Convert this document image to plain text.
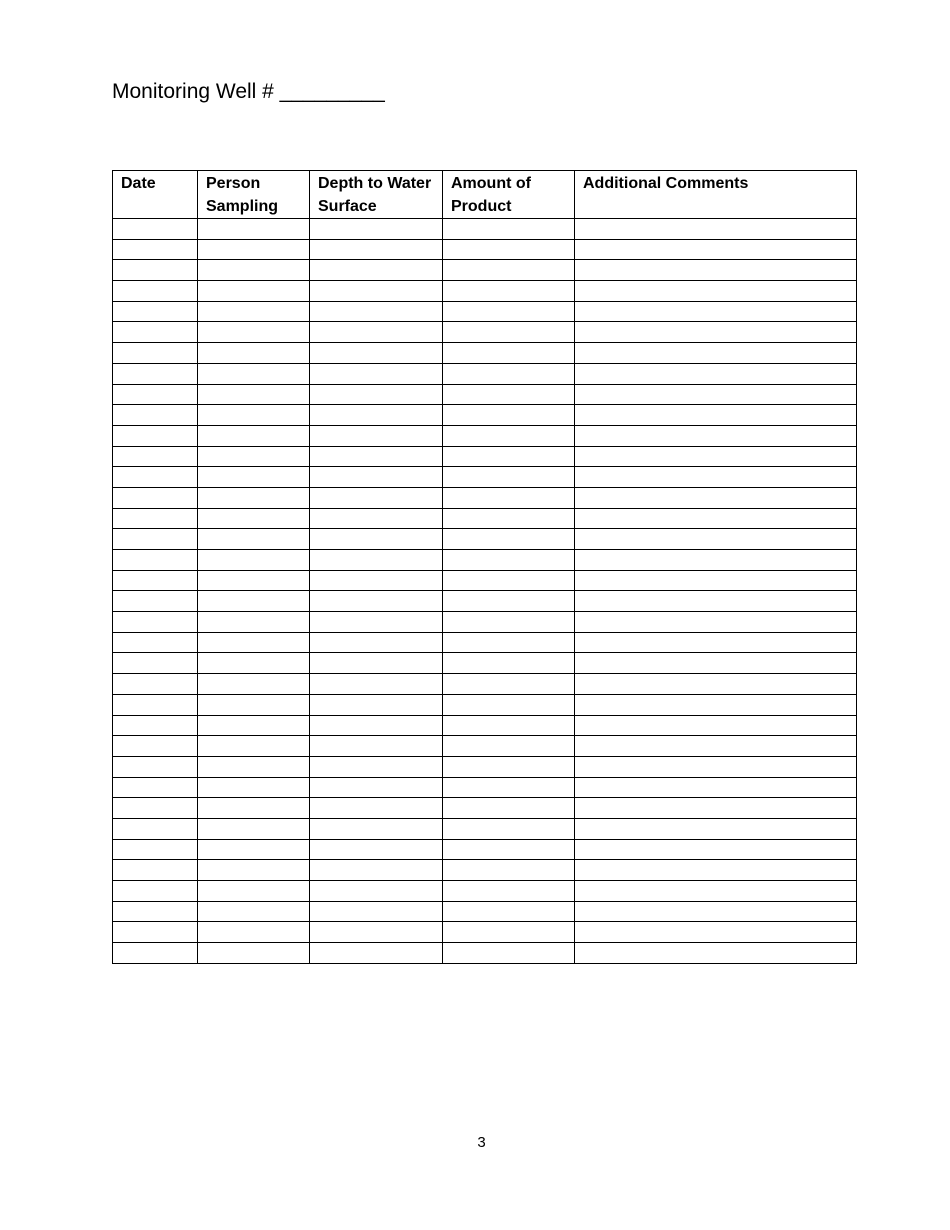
Monitoring Well # _________
Date	Person Sampling	Depth to Water Surface	Amount of Product	Additional Comments

3
